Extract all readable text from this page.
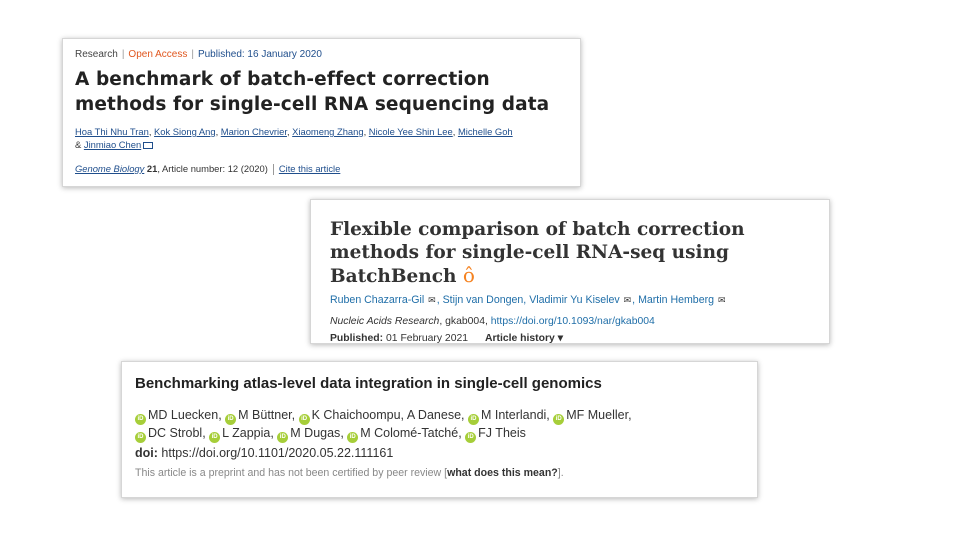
Research | Open Access | Published: 16 January 2020
A benchmark of batch-effect correction methods for single-cell RNA sequencing data
Hoa Thi Nhu Tran, Kok Siong Ang, Marion Chevrier, Xiaomeng Zhang, Nicole Yee Shin Lee, Michelle Goh
& Jinmiao Chen
Genome Biology 21, Article number: 12 (2020) Cite this article
Flexible comparison of batch correction methods for single-cell RNA-seq using BatchBench ô
Ruben Chazarra-Gil ✉, Stijn van Dongen, Vladimir Yu Kiselev ✉, Martin Hemberg ✉
Nucleic Acids Research, gkab004, https://doi.org/10.1093/nar/gkab004
Published: 01 February 2021 Article history ▾
Benchmarking atlas-level data integration in single-cell genomics
iD MD Luecken, iD M Büttner, iD K Chaichoompu, A Danese, iD M Interlandi, iD MF Mueller,
iD DC Strobl, iD L Zappia, iD M Dugas, iD M Colomé-Tatché, iD FJ Theis
doi: https://doi.org/10.1101/2020.05.22.111161
This article is a preprint and has not been certified by peer review [what does this mean?].
